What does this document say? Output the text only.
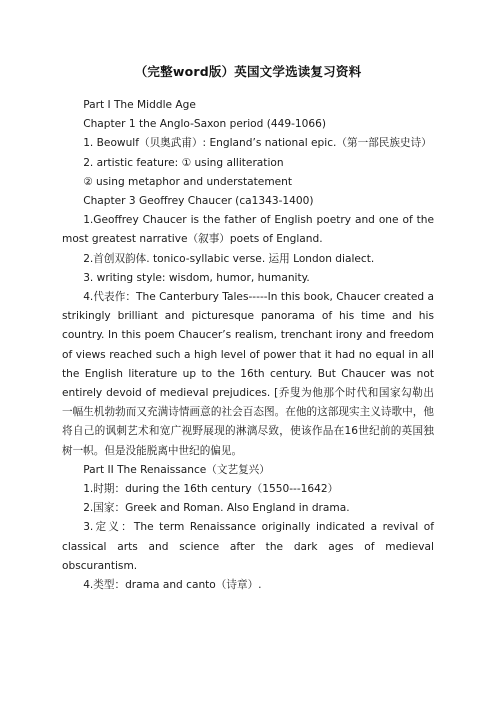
（完整word版）英国文学选读复习资料

Part I The Middle Age

Chapter 1 the Anglo-Saxon period (449-1066)

1. Beowulf（贝奥武甫）: England’s national epic.（第一部民族史诗）

2. artistic feature: ① using alliteration

② using metaphor and understatement

Chapter 3 Geoffrey Chaucer (ca1343-1400)

1.Geoffrey Chaucer is the father of English poetry and one of the most greatest narrative（叙事）poets of England.

2.首创双韵体. tonico-syllabic verse. 运用 London dialect.

3. writing style: wisdom, humor, humanity.

4.代表作：The Canterbury Tales-----In this book, Chaucer created a strikingly brilliant and picturesque panorama of his time and his country. In this poem Chaucer’s realism, trenchant irony and freedom of views reached such a high level of power that it had no equal in all the English literature up to the 16th century. But Chaucer was not entirely devoid of medieval prejudices. [乔叟为他那个时代和国家勾勒出一幅生机勃勃而又充满诗情画意的社会百态图。在他的这部现实主义诗歌中，他将自己的讽刺艺术和宽广视野展现的淋漓尽致，使该作品在16世纪前的英国独树一帜。但是没能脱离中世纪的偏见。

Part II The Renaissance（文艺复兴）

1.时期：during the 16th century（1550---1642）

2.国家：Greek and Roman. Also England in drama.

3.定义：The term Renaissance originally indicated a revival of classical arts and science after the dark ages of medieval obscurantism.

4.类型：drama and canto（诗章）.
